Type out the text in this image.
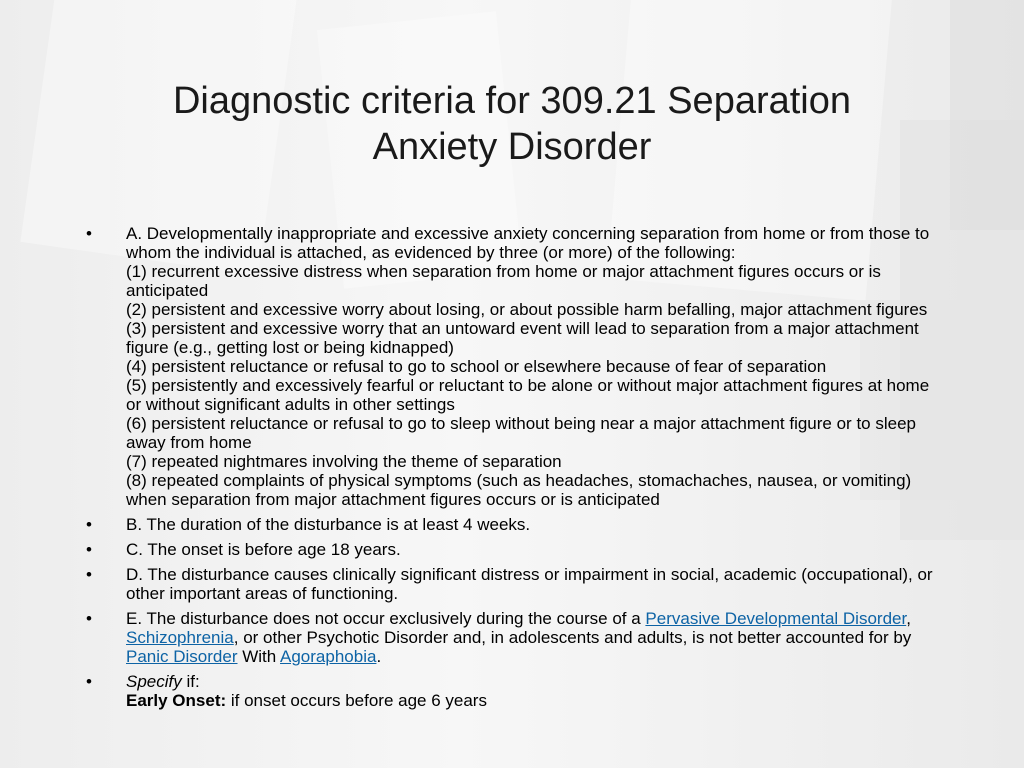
Diagnostic criteria for 309.21 Separation
Anxiety Disorder
•	A. Developmentally inappropriate and excessive anxiety concerning separation from home or from those to whom the individual is attached, as evidenced by three (or more) of the following:
(1) recurrent excessive distress when separation from home or major attachment figures occurs or is anticipated
(2) persistent and excessive worry about losing, or about possible harm befalling, major attachment figures
(3) persistent and excessive worry that an untoward event will lead to separation from a major attachment figure (e.g., getting lost or being kidnapped)
(4) persistent reluctance or refusal to go to school or elsewhere because of fear of separation
(5) persistently and excessively fearful or reluctant to be alone or without major attachment figures at home or without significant adults in other settings
(6) persistent reluctance or refusal to go to sleep without being near a major attachment figure or to sleep away from home
(7) repeated nightmares involving the theme of separation
(8) repeated complaints of physical symptoms (such as headaches, stomachaches, nausea, or vomiting) when separation from major attachment figures occurs or is anticipated
•	B. The duration of the disturbance is at least 4 weeks.
•	C. The onset is before age 18 years.
•	D. The disturbance causes clinically significant distress or impairment in social, academic (occupational), or other important areas of functioning.
•	E. The disturbance does not occur exclusively during the course of a Pervasive Developmental Disorder, Schizophrenia, or other Psychotic Disorder and, in adolescents and adults, is not better accounted for by Panic Disorder With Agoraphobia.
•	Specify if:
Early Onset: if onset occurs before age 6 years
